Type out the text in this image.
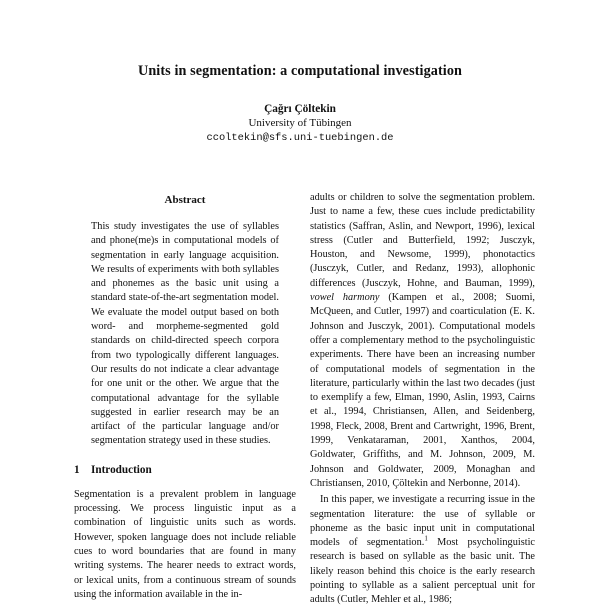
Units in segmentation: a computational investigation
Çağrı Çöltekin
University of Tübingen
ccoltekin@sfs.uni-tuebingen.de
Abstract

This study investigates the use of syllables and phone(me)s in computational models of segmentation in early language acquisition. We results of experiments with both syllables and phonemes as the basic unit using a standard state-of-the-art segmentation model. We evaluate the model output based on both word- and morpheme-segmented gold standards on child-directed speech corpora from two typologically different languages. Our results do not indicate a clear advantage for one unit or the other. We argue that the computational advantage for the syllable suggested in earlier research may be an artifact of the particular language and/or segmentation strategy used in these studies.

1 Introduction

Segmentation is a prevalent problem in language processing. We process linguistic input as a combination of linguistic units such as words. However, spoken language does not include reliable cues to word boundaries that are found in many writing systems. The hearer needs to extract words, or lexical units, from a continuous stream of sounds using the information available in the in-

adults or children to solve the segmentation problem. Just to name a few, these cues include predictability statistics (Saffran, Aslin, and Newport, 1996), lexical stress (Cutler and Butterfield, 1992; Jusczyk, Houston, and Newsome, 1999), phonotactics (Jusczyk, Cutler, and Redanz, 1993), allophonic differences (Jusczyk, Hohne, and Bauman, 1999), vowel harmony (Kampen et al., 2008; Suomi, McQueen, and Cutler, 1997) and coarticulation (E. K. Johnson and Jusczyk, 2001). Computational models offer a complementary method to the psycholinguistic experiments. There have been an increasing number of computational models of segmentation in the literature, particularly within the last two decades (just to exemplify a few, Elman, 1990, Aslin, 1993, Cairns et al., 1994, Christiansen, Allen, and Seidenberg, 1998, Fleck, 2008, Brent and Cartwright, 1996, Brent, 1999, Venkataraman, 2001, Xanthos, 2004, Goldwater, Griffiths, and M. Johnson, 2009, M. Johnson and Goldwater, 2009, Monaghan and Christiansen, 2010, Çöltekin and Nerbonne, 2014).

In this paper, we investigate a recurring issue in the segmentation literature: the use of syllable or phoneme as the basic input unit in computational models of segmentation.$^1$ Most psycholinguistic research is based on syllable as the basic unit. The likely reason behind this choice is the early research pointing to syllable as a salient perceptual unit for adults (Cutler, Mehler et al., 1986;
